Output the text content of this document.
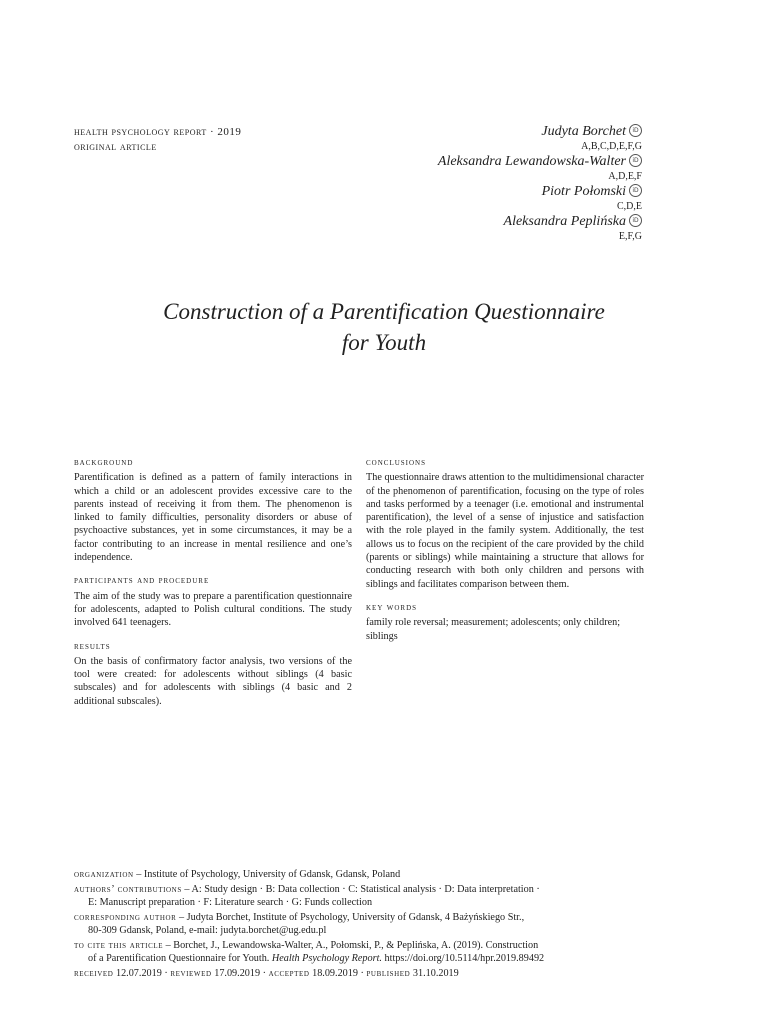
health psychology report · 2019
original article
Judyta Borchet iD
A,B,C,D,E,F,G
Aleksandra Lewandowska-Walter iD
A,D,E,F
Piotr Połomski iD
C,D,E
Aleksandra Peplińska iD
E,F,G
Construction of a Parentification Questionnaire
for Youth
background

Parentification is defined as a pattern of family interactions in which a child or an adolescent provides excessive care to the parents instead of receiving it from them. The phenomenon is linked to family difficulties, personality disorders or abuse of psychoactive substances, yet in some circumstances, it may be a factor contributing to an increase in mental resilience and one’s independence.

participants and procedure

The aim of the study was to prepare a parentification questionnaire for adolescents, adapted to Polish cultural conditions. The study involved 641 teenagers.

results

On the basis of confirmatory factor analysis, two versions of the tool were created: for adolescents without siblings (4 basic subscales) and for adolescents with siblings (4 basic and 2 additional subscales).

conclusions

The questionnaire draws attention to the multidimensional character of the phenomenon of parentification, focusing on the type of roles and tasks performed by a teenager (i.e. emotional and instrumental parentification), the level of a sense of injustice and satisfaction with the role played in the family system. Additionally, the test allows us to focus on the recipient of the care provided by the child (parents or siblings) while maintaining a structure that allows for conducting research with both only children and persons with siblings and facilitates comparison between them.

key words

family role reversal; measurement; adolescents; only children; siblings

organization – Institute of Psychology, University of Gdansk, Gdansk, Poland
authors’ contributions – A: Study design · B: Data collection · C: Statistical analysis · D: Data interpretation ·
E: Manuscript preparation · F: Literature search · G: Funds collection
corresponding author – Judyta Borchet, Institute of Psychology, University of Gdansk, 4 Bażyńskiego Str.,
80-309 Gdansk, Poland, e-mail: judyta.borchet@ug.edu.pl
to cite this article – Borchet, J., Lewandowska-Walter, A., Połomski, P., & Peplińska, A. (2019). Construction
of a Parentification Questionnaire for Youth. Health Psychology Report. https://doi.org/10.5114/hpr.2019.89492
received 12.07.2019 · reviewed 17.09.2019 · accepted 18.09.2019 · published 31.10.2019
